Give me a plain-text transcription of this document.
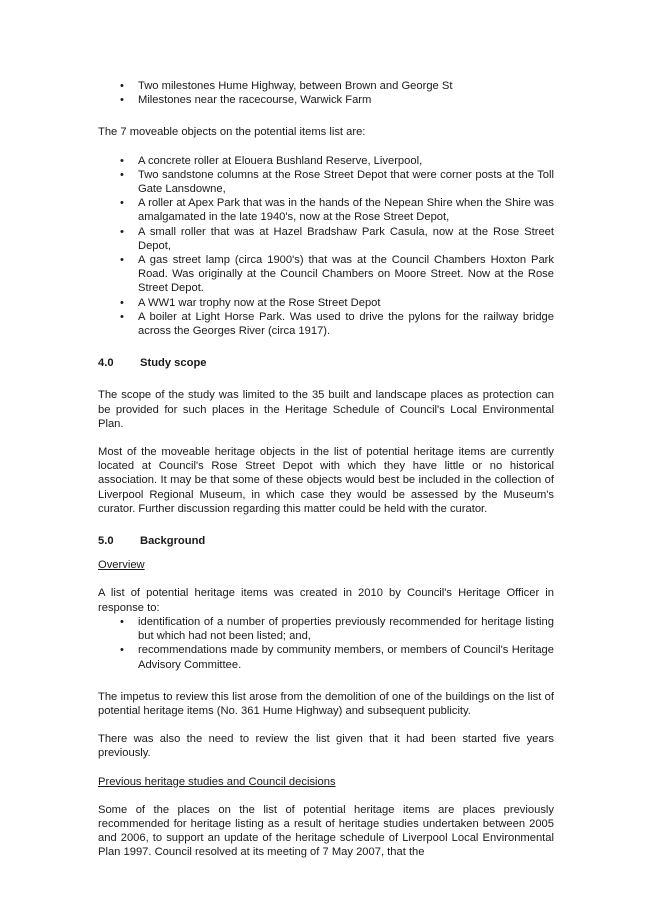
• Two milestones Hume Highway, between Brown and George St
• Milestones near the racecourse, Warwick Farm

The 7 moveable objects on the potential items list are:

• A concrete roller at Elouera Bushland Reserve, Liverpool,
• Two sandstone columns at the Rose Street Depot that were corner posts at the Toll Gate Lansdowne,
• A roller at Apex Park that was in the hands of the Nepean Shire when the Shire was amalgamated in the late 1940's, now at the Rose Street Depot,
• A small roller that was at Hazel Bradshaw Park Casula, now at the Rose Street Depot,
• A gas street lamp (circa 1900's) that was at the Council Chambers Hoxton Park Road. Was originally at the Council Chambers on Moore Street. Now at the Rose Street Depot.
• A WW1 war trophy now at the Rose Street Depot
• A boiler at Light Horse Park. Was used to drive the pylons for the railway bridge across the Georges River (circa 1917).
4.0	Study scope

The scope of the study was limited to the 35 built and landscape places as protection can be provided for such places in the Heritage Schedule of Council's Local Environmental Plan.

Most of the moveable heritage objects in the list of potential heritage items are currently located at Council's Rose Street Depot with which they have little or no historical association. It may be that some of these objects would best be included in the collection of Liverpool Regional Museum, in which case they would be assessed by the Museum's curator. Further discussion regarding this matter could be held with the curator.

5.0	Background

Overview

A list of potential heritage items was created in 2010 by Council's Heritage Officer in response to:

• identification of a number of properties previously recommended for heritage listing but which had not been listed; and,
• recommendations made by community members, or members of Council's Heritage Advisory Committee.

The impetus to review this list arose from the demolition of one of the buildings on the list of potential heritage items (No. 361 Hume Highway) and subsequent publicity.

There was also the need to review the list given that it had been started five years previously.

Previous heritage studies and Council decisions

Some of the places on the list of potential heritage items are places previously recommended for heritage listing as a result of heritage studies undertaken between 2005 and 2006, to support an update of the heritage schedule of Liverpool Local Environmental Plan 1997. Council resolved at its meeting of 7 May 2007, that the
